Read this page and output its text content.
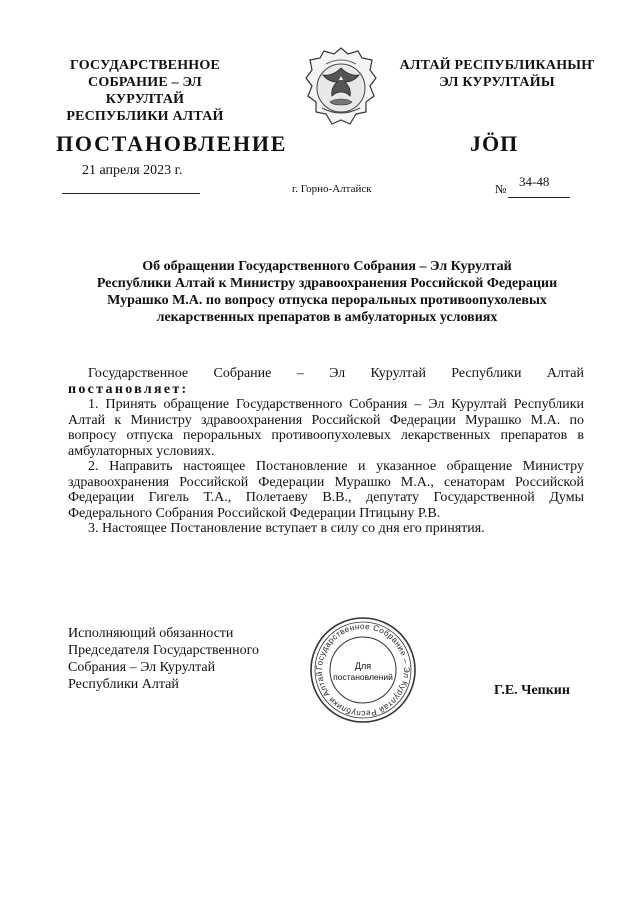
ГОСУДАРСТВЕННОЕ
СОБРАНИЕ – ЭЛ КУРУЛТАЙ
РЕСПУБЛИКИ АЛТАЙ
АЛТАЙ РЕСПУБЛИКАНЫҤ
ЭЛ КУРУЛТАЙЫ
ПОСТАНОВЛЕНИЕ	JӦП
21 апреля 2023 г.
г. Горно-Алтайск	34-48
№
Об обращении Государственного Собрания – Эл Курултай
Республики Алтай к Министру здравоохранения Российской Федерации
Мурашко М.А. по вопросу отпуска пероральных противоопухолевых
лекарственных препаратов в амбулаторных условиях

Государственное Собрание – Эл Курултай Республики Алтай

постановляет:

1. Принять обращение Государственного Собрания – Эл Курултай Республики Алтай к Министру здравоохранения Российской Федерации Мурашко М.А. по вопросу отпуска пероральных противоопухолевых лекарственных препаратов в амбулаторных условиях.

2. Направить настоящее Постановление и указанное обращение Министру здравоохранения Российской Федерации Мурашко М.А., сенаторам Российской Федерации Гигель Т.А., Полетаеву В.В., депутату Государственной Думы Федерального Собрания Российской Федерации Птицыну Р.В.

3. Настоящее Постановление вступает в силу со дня его принятия.

Исполняющий обязанности
Председателя Государственного
Собрания – Эл Курултай
Республики Алтай
Государственное Собрание – Эл Курултай Республики Алтай
Для
постановлений
Г.Е. Чепкин
